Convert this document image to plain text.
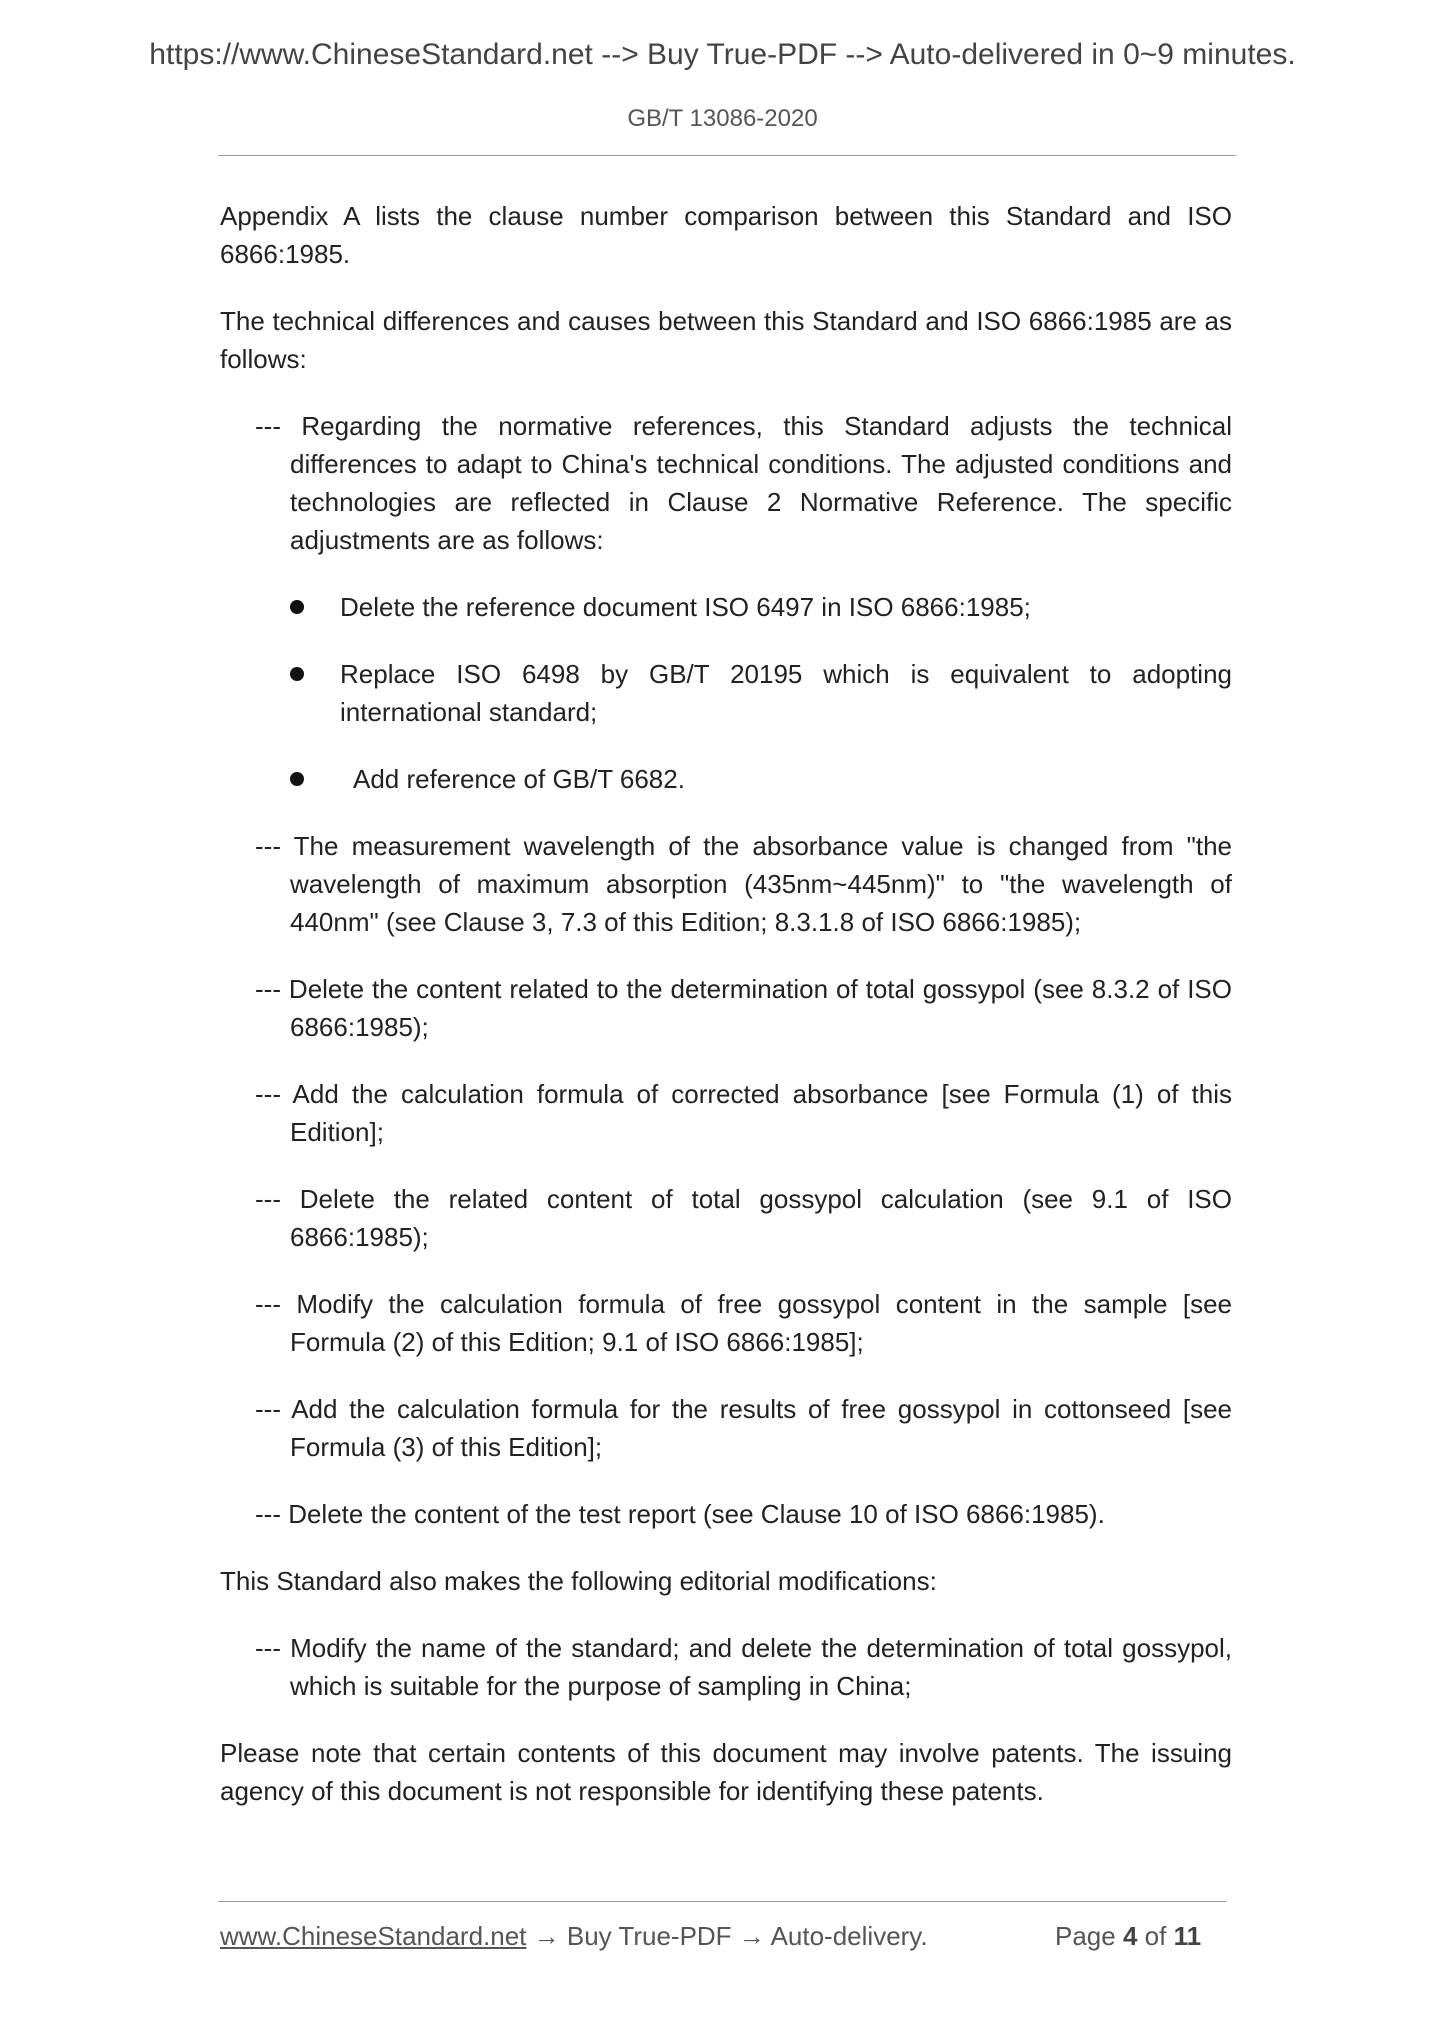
https://www.ChineseStandard.net --> Buy True-PDF --> Auto-delivered in 0~9 minutes.
GB/T 13086-2020

Appendix A lists the clause number comparison between this Standard and ISO 6866:1985.

The technical differences and causes between this Standard and ISO 6866:1985 are as follows:

--- Regarding the normative references, this Standard adjusts the technical differences to adapt to China's technical conditions. The adjusted conditions and technologies are reflected in Clause 2 Normative Reference. The specific adjustments are as follows:

Delete the reference document ISO 6497 in ISO 6866:1985;
Replace ISO 6498 by GB/T 20195 which is equivalent to adopting international standard;
Add reference of GB/T 6682.

--- The measurement wavelength of the absorbance value is changed from "the wavelength of maximum absorption (435nm~445nm)" to "the wavelength of 440nm" (see Clause 3, 7.3 of this Edition; 8.3.1.8 of ISO 6866:1985);

--- Delete the content related to the determination of total gossypol (see 8.3.2 of ISO 6866:1985);

--- Add the calculation formula of corrected absorbance [see Formula (1) of this Edition];

--- Delete the related content of total gossypol calculation (see 9.1 of ISO 6866:1985);

--- Modify the calculation formula of free gossypol content in the sample [see Formula (2) of this Edition; 9.1 of ISO 6866:1985];

--- Add the calculation formula for the results of free gossypol in cottonseed [see Formula (3) of this Edition];

--- Delete the content of the test report (see Clause 10 of ISO 6866:1985).

This Standard also makes the following editorial modifications:

--- Modify the name of the standard; and delete the determination of total gossypol, which is suitable for the purpose of sampling in China;

Please note that certain contents of this document may involve patents. The issuing agency of this document is not responsible for identifying these patents.

www.ChineseStandard.net → Buy True-PDF → Auto-delivery.	Page 4 of 11
